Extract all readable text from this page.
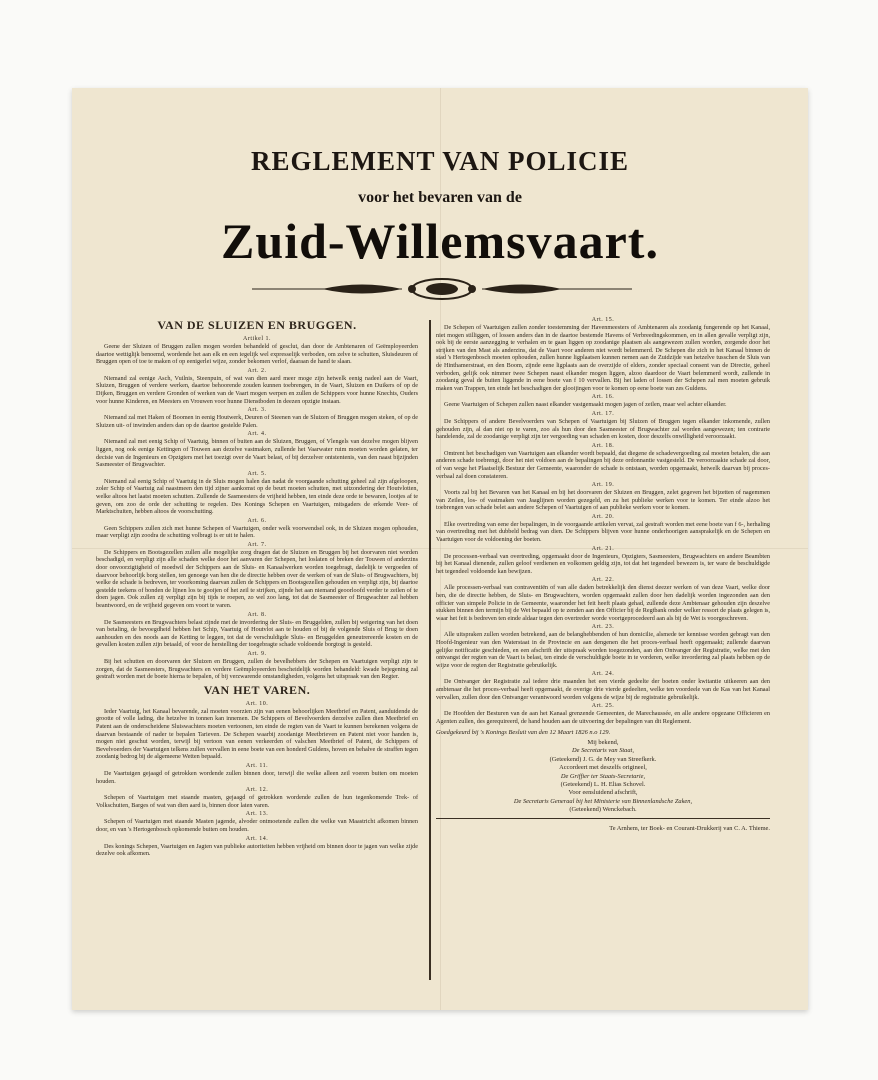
REGLEMENT VAN POLICIE
voor het bevaren van de
Zuid-Willemsvaart.
VAN DE SLUIZEN EN BRUGGEN.

Artikel 1.

Geene der Sluizen of Bruggen zullen mogen worden behandeld of gesclut, dan door de Ambtenaren of Geëmployeerden daartoe wettiglijk benoemd, wordende het aan elk en een iegelijk wel expresselijk verboden, om zelve te schutten, Sluisdeuren of Bruggen open of toe te maken of op eenigerlei wijze, zonder bekomen verlof, daaraan de hand te slaan.

Art. 2.

Niemand zal eenige Asch, Vuilnis, Steenpuin, of wat van dien aard meer moge zijn hetwelk eenig nadeel aan de Vaart, Sluizen, Bruggen of verdere werken, daartoe behoorende zouden kunnen toebrengen, in de Vaart, Sluizen en Duikers of op de Dijken, Bruggen en verdere Gronden of werken van de Vaart mogen werpen en zullen de Schippers voor hunne Knechts, Ouders voor hunne Kinderen, en Meesters en Vrouwen voor hunne Dienstboden in deezen opzigte instaan.

Art. 3.

Niemand zal met Haken of Boomen in eenig Houtwerk, Deuren of Steenen van de Sluizen of Bruggen mogen steken, of op de Sluizen uit- of inwinden anders dan op de daartoe gestelde Palen.

Art. 4.

Niemand zal met eenig Schip of Vaartuig, binnen of buiten aan de Sluizen, Bruggen, of Vlengels van dezelve mogen blijven liggen, nog ook eenige Kettingen of Touwen aan dezelve vastmaken, zullende het Vaarwater ruim moeten worden gelaten, ter decisie van de Ingenieurs en Opzigters met het toezigt over de Vaart belast, of bij derzelver ontstentenis, van den naast bijzijnden Sasmeester of Brugwachter.

Art. 5.

Niemand zal eenig Schip of Vaartuig in de Sluis mogen halen dan nadat de voorgaande schutting geheel zal zijn afgeloopen, zoler Schip of Vaartuig zal naastmeen den tijd zijner aankomst op de beurt moeten schutten, met uitzondering der Houtvlotten, welke altoos het laatst moeten schutten. Zullende de Sasmeesters de vrijheid hebben, ten einde deze orde te bewaren, lootjes af te geven, om zoo de orde der schutting te regelen. Des Konings Schepen en Vaartuigen, mitsgaders de erkende Veer- of Marktschuiten, hebben altoos de voorschutting.

Art. 6.

Geen Schippers zullen zich met hunne Schepen of Vaartuigen, onder welk voorwendsel ook, in de Sluizen mogen ophouden, maar verpligt zijn zoodra de schutting volbragt is er uit te halen.

Art. 7.

De Schippers en Bootsgezellen zullen alle mogelijke zorg dragen dat de Sluizen en Bruggen bij het doorvaren niet worden beschadigd, en verpligt zijn alle schaden welke door het aanvaren der Schepen, het loslaten of breken der Touwen of anderzins door onvoorzigtigheid of moedwil der Schippers aan de Sluis- en Kanaalwerken worden toegebragt, dadelijk te vergoeden of daarvoor behoorlijk borg stellen, ten genoege van hen die de directie hebben over de werken of van de Sluis- of Brugwachters, bij welke de schade is bedreven, ter voorkoming daarvan zullen de Schippers en Bootsgezellen gehouden en verpligt zijn, bij daartoe gestelde teekens of bonden de lijnen los te gooijen of het zeil te strijken, zijnde het aan niemand geoorloofd verder te zeilen of te doen jagen. Ook zullen zij verpligt zijn bij tijds te roepen, zo wel zoo lang, tot dat de Sasmeester of Brugwachter zal hebben beantwoord, en de vrijheid gegeven om voort te varen.

Art. 8.

De Sasmeesters en Brugwachters belast zijnde met de invordering der Sluis- en Bruggelden, zullen bij weigering van het doen van betaling, de bevoegdheid hebben het Schip, Vaartuig of Houtvlot aan te houden of bij de volgende Sluis of Brug te doen aanhouden en des noods aan de Ketting te leggen, tot dat de verschuldigde Sluis- en Bruggelden geneutrereerde kosten en de gevallen kosten zullen zijn betaald, of voor de herstelling der toegebragte schade voldoende borgtogt is gesteld.

Art. 9.

Bij het schutten en doorvaren der Sluizen en Bruggen, zullen de bevelhebbers der Schepen en Vaartuigen verpligt zijn te zorgen, dat de Sasmeesters, Brugwachters en verdere Geëmployeerden bescheidelijk worden behandeld: kwade bejegening zal gestraft worden met de boete hierna te bepalen, of bij verzwarende omstandigheden, volgens het uitspraak van den Regter.

VAN HET VAREN.

Art. 10.

Ieder Vaartuig, het Kanaal bevarende, zal moeten voorzien zijn van eenen behoorlijken Meetbrief en Patent, aanduidende de grootte of volle lading, die hetzelve in tonnen kan innemen. De Schippers of Bevelvoerders derzelve zullen dien Meetbrief en Patent aan de onderscheidene Sluiswachters moeten vertoonen, ten einde de regten van de Vaart te kunnen berekenen volgens de daarvan bestaande of nader te bepalen Tarieven. De Schepen waarbij zoodanige Meetbrieven en Patent niet voor handen is, mogen niet geschut worden, terwijl bij vertoon van eenen verkeerden of valschen Meetbrief of Patent, de Schippers of Bevelvoerders der Vaartuigen telkens zullen vervallen in eene boete van een honderd Guldens, hoven en behalve de straffen tegen zoodanig bedrog bij de algemeene Wetten bepaald.

Art. 11.

De Vaartuigen gejaagd of getrokken wordende zullen binnen door, terwijl die welke alleen zeil voeren buiten om moeten houden.

Art. 12.

Schepen of Vaartuigen met staande masten, gejaagd of getrokken wordende zullen de hun tegenkomende Trek- of Volkschuiten, Barges of wat van dien aard is, binnen door laten varen.

Art. 13.

Schepen of Vaartuigen met staande Masten jagende, alvoder ontmoetende zullen die welke van Maastricht afkomen binnen door, en van 's Hertogenbosch opkomende buiten om houden.

Art. 14.

Des konings Schepen, Vaartuigen en Jagten van publieke autoriteiten hebben vrijheid om binnen door te jagen van welke zijde dezelve ook afkomen.

Art. 15.

De Schepen of Vaartuigen zullen zonder toestemming der Havenmeesters of Ambtenaren als zoodanig fungerende op het Kanaal, niet mogen stilliggen, of lossen anders dan in de daartoe bestemde Havens of Verbreedingskommen, en in allen gevalle verpligt zijn, ook bij de eerste aanzegging te verhalen en te gaan liggen op zoodanige plaatsen als aangewezen zullen worden, zorgende door het strijken van den Mast als anderzins, dat de Vaart voor anderen niet wordt belemmerd. De Schepen die zich in het Kanaal binnen de stad 's Hertogenbosch moeten ophouden, zullen hunne ligplaatsen kunnen nemen aan de Zuidzijde van hetzelve tusschen de Sluis van de Hinthamerstraat, en den Boom, zijnde eene ligplaats aan de overzijde of elders, zonder speciaal consent van de Directie, geheel verboden, gelijk ook nimmer twee Schepen naast elkander mogen liggen, alzoo daardoor de Vaart belemmerd wordt, zullende in zoodanig geval de buiten liggende in eene boete van f 10 vervallen. Bij het laden of lossen der Schepen zal men moeten gebruik maken van Trappen, ten einde het beschadigen der glooijingen voor te komen op eene boete van zes Guldens.

Art. 16.

Geene Vaartuigen of Schepen zullen naast elkander vastgemaakt mogen jagen of zeilen, maar wel achter elkander.

Art. 17.

De Schippers of andere Bevelvoerders van Schepen of Vaartuigen bij Sluizen of Bruggen tegen elkander inkomende, zullen gehouden zijn, al dan niet op te varen, zoo als hun door den Sasmeester of Brugwachter zal worden aangewezen; ten contrarie handelende, zal de zoodanige verpligt zijn ter vergoeding van schaden en kosten, door deszelfs onwilligheid veroorzaakt.

Art. 18.

Omtrent het beschadigen van Vaartuigen aan elkander wordt bepaald, dat diegene de schadevergoeding zal moeten betalen, die aan anderen schade toebrengt, door het niet voldoen aan de bepalingen bij deze ordonnantie vastgesteld. De veroorzaakte schade zal door, of van wege het Plaatselijk Bestuur der Gemeente, waaronder de schade is ontstaan, worden opgemaakt, hetwelk daarvan bij proces-verbaal zal doen constateren.

Art. 19.

Voorts zal bij het Bevaren van het Kanaal en bij het doorvaren der Sluizen en Bruggen, zelet gegeven het bijzetten of nagemmen van Zeilen, los- of vastmaken van Jaaglijnen worden gezegeld, en zu het publieke werken voor te komen. Ter einde alzoo het toebrengen van schade belet aan andere Schepen of Vaartuigen of aan publieke werken voor te komen.

Art. 20.

Elke overtreding van eene der bepalingen, in de voorgaande artikelen vervat, zal gestraft worden met eene boete van f 6-, herhaling van overtreding met het dubbeld bedrag van dien. De Schippers blijven voor hunne onderhoorigen aansprakelijk en de Schepen en Vaartuigen voor de voldoening der boeten.

Art. 21.

De processen-verbaal van overtreding, opgemaakt door de Ingenieurs, Opzigters, Sasmeesters, Brugwachters en andere Beambten bij het Kanaal dienende, zullen geloof verdienen en volkomen geldig zijn, tot dat het tegendeel bewezen is, ter ware de beschuldigde het tegendeel voldoende kan bewijzen.

Art. 22.

Alle processen-verbaal van contraventiën of van alle daden betrekkelijk den dienst deezer werken of van deze Vaart, welke door hen, die de directie hebben, de Sluis- en Brugwachters, worden opgemaakt zullen door hen dadelijk worden ingezonden aan den officier van simpele Policie in de Gemeente, waaronder het feit heeft plaats gehad, zullende deze Ambtenaar gehouden zijn deszelve stukken binnen den termijn bij de Wet bepaald op te zenden aan den Officier bij de Regtbank onder welker ressort de plaats gelegen is, waar het feit is bedreven ten einde aldaar tegen den overtreder worde voortgeprocedeerd aan als bij de Wet is voorgeschreven.

Art. 23.

Alle uitspraken zullen worden betrekend, aan de belanghebbenden of hun domicilie, alsmede ter kennisse worden gebragt van den Hoofd-Ingenieur van den Waterstaat in de Provincie en aan dengenen die het proces-verbaal heeft opgemaakt; zullende daarvan gelijke notificatie geschieden, en een afschrift der uitspraak worden toegezonden, aan den Ontvanger der Registratie, welke met den ontvangst der regten van de Vaart is belast, ten einde de verschuldigde boete in te vorderen, welke invordering zal plaats hebben op de wijze voor de regten der Registratie gebruikelijk.

Art. 24.

De Ontvanger der Registratie zal iedere drie maanden het een vierde gedeelte der boeten onder kwitantie uitkeeren aan den ambtenaar die het proces-verbaal heeft opgemaakt, de overige drie vierde gedeelten, welke ten voordeele van de Kas van het Kanaal vervallen, zullen door den Ontvanger verantwoord worden volgens de wijze bij de registratie gebruikelijk.

Art. 25.

De Hoofden der Besturen van de aan het Kanaal grenzende Gemeenten, de Marechaussée, en alle andere opgezane Officieren en Agenten zullen, des gerequireerd, de hand houden aan de uitvoering der bepalingen van dit Reglement.

Goedgekeurd bij 's Konings Besluit van den 12 Maart 1826 n.o 129.

Mij bekend,

De Secretaris van Staat,

(Geteekend) J. G. de Mey van Streefkerk.

Accordeert met deszelfs origineel,

De Griffier ter Staats-Secretarie,

(Geteekend) L. H. Elias Schovel.

Voor eensluidend afschrift,

De Secretaris Generaal bij het Ministerie van Binnenlandsche Zaken,

(Geteekend) Wenckebach.

Te Arnhem, ter Boek- en Courant-Drukkerij van C. A. Thieme.
